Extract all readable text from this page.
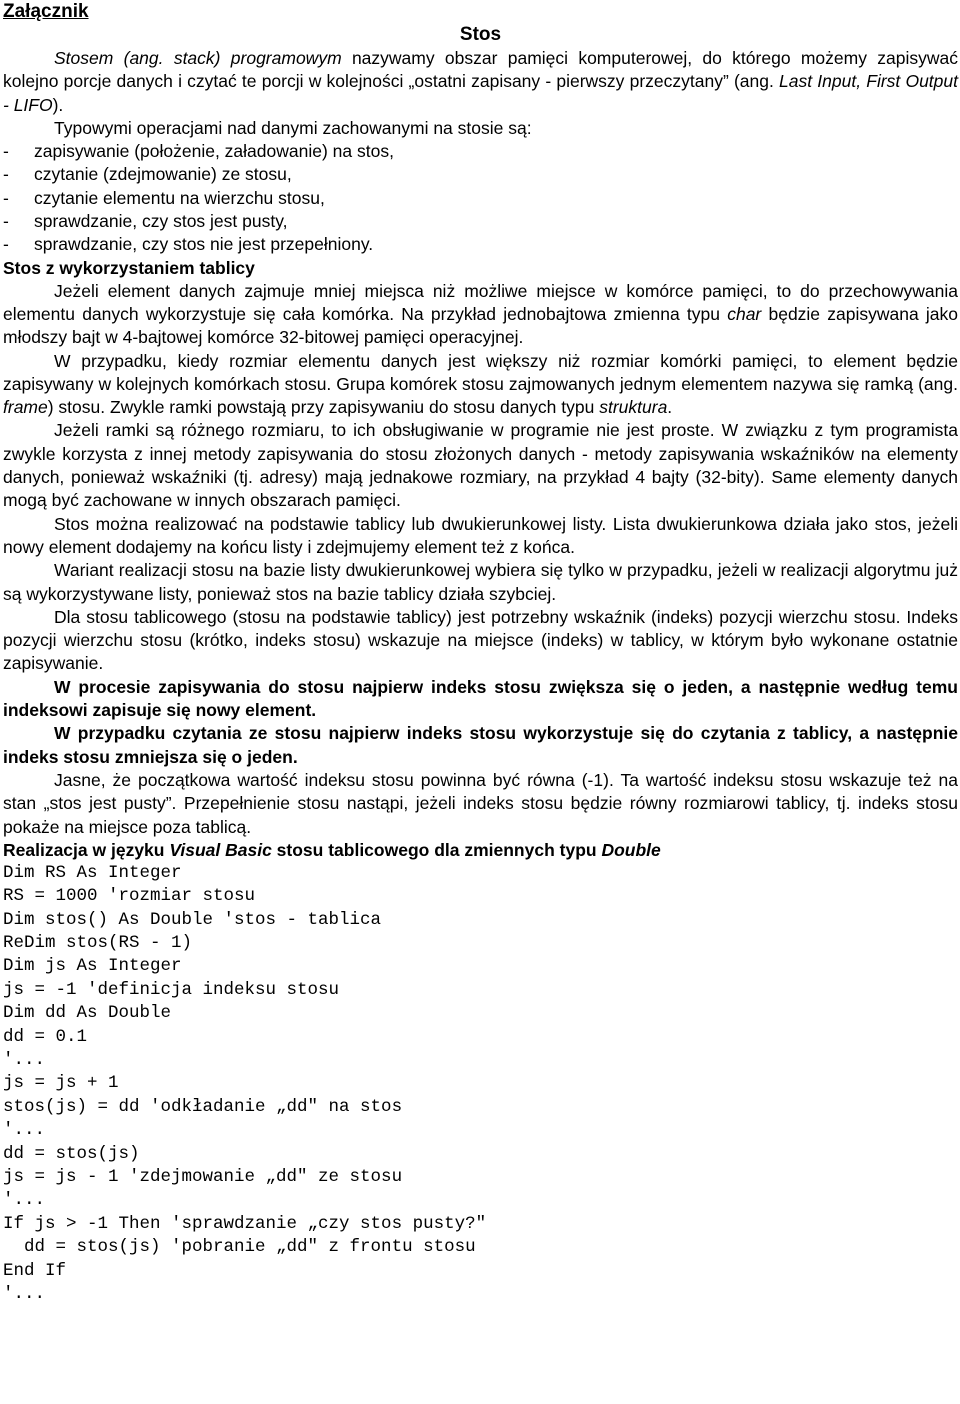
Załącznik
Stos

Stosem (ang. stack) programowym nazywamy obszar pamięci komputerowej, do którego możemy zapisywać kolejno porcje danych i czytać te porcji w kolejności „ostatni zapisany - pierwszy przeczytany” (ang. Last Input, First Output - LIFO).

Typowymi operacjami nad danymi zachowanymi na stosie są:

- zapisywanie (położenie, załadowanie) na stos,
- czytanie (zdejmowanie) ze stosu,
- czytanie elementu na wierzchu stosu,
- sprawdzanie, czy stos jest pusty,
- sprawdzanie, czy stos nie jest przepełniony.
Stos z wykorzystaniem tablicy

Jeżeli element danych zajmuje mniej miejsca niż możliwe miejsce w komórce pamięci, to do przechowywania elementu danych wykorzystuje się cała komórka. Na przykład jednobajtowa zmienna typu char będzie zapisywana jako młodszy bajt w 4-bajtowej komórce 32-bitowej pamięci operacyjnej.

W przypadku, kiedy rozmiar elementu danych jest większy niż rozmiar komórki pamięci, to element będzie zapisywany w kolejnych komórkach stosu. Grupa komórek stosu zajmowanych jednym elementem nazywa się ramką (ang. frame) stosu. Zwykle ramki powstają przy zapisywaniu do stosu danych typu struktura.

Jeżeli ramki są różnego rozmiaru, to ich obsługiwanie w programie nie jest proste. W związku z tym programista zwykle korzysta z innej metody zapisywania do stosu złożonych danych - metody zapisywania wskaźników na elementy danych, ponieważ wskaźniki (tj. adresy) mają jednakowe rozmiary, na przykład 4 bajty (32-bity). Same elementy danych mogą być zachowane w innych obszarach pamięci.

Stos można realizować na podstawie tablicy lub dwukierunkowej listy. Lista dwukierunkowa działa jako stos, jeżeli nowy element dodajemy na końcu listy i zdejmujemy element też z końca.

Wariant realizacji stosu na bazie listy dwukierunkowej wybiera się tylko w przypadku, jeżeli w realizacji algorytmu już są wykorzystywane listy, ponieważ stos na bazie tablicy działa szybciej.

Dla stosu tablicowego (stosu na podstawie tablicy) jest potrzebny wskaźnik (indeks) pozycji wierzchu stosu. Indeks pozycji wierzchu stosu (krótko, indeks stosu) wskazuje na miejsce (indeks) w tablicy, w którym było wykonane ostatnie zapisywanie.

W procesie zapisywania do stosu najpierw indeks stosu zwiększa się o jeden, a następnie według temu indeksowi zapisuje się nowy element.

W przypadku czytania ze stosu najpierw indeks stosu wykorzystuje się do czytania z tablicy, a następnie indeks stosu zmniejsza się o jeden.

Jasne, że początkowa wartość indeksu stosu powinna być równa (-1). Ta wartość indeksu stosu wskazuje też na stan „stos jest pusty”. Przepełnienie stosu nastąpi, jeżeli indeks stosu będzie równy rozmiarowi tablicy, tj. indeks stosu pokaże na miejsce poza tablicą.

Realizacja w języku Visual Basic stosu tablicowego dla zmiennych typu Double
Dim RS As Integer
RS = 1000 'rozmiar stosu
Dim stos() As Double 'stos - tablica
ReDim stos(RS - 1)
Dim js As Integer
js = -1 'definicja indeksu stosu
Dim dd As Double
dd = 0.1
'...
js = js + 1
stos(js) = dd 'odkładanie „dd" na stos
'...
dd = stos(js)
js = js - 1 'zdejmowanie „dd" ze stosu
'...
If js > -1 Then 'sprawdzanie „czy stos pusty?"
dd = stos(js) 'pobranie „dd" z frontu stosu
End If
'...
